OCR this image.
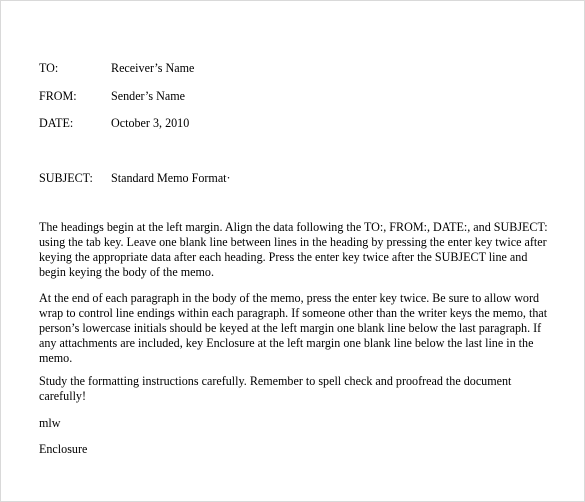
TO:	Receiver’s Name
FROM:	Sender’s Name
DATE:	October 3, 2010
SUBJECT: Standard Memo Format·
The headings begin at the left margin. Align the data following the TO:, FROM:, DATE:, and SUBJECT:
using the tab key. Leave one blank line between lines in the heading by pressing the enter key twice after
keying the appropriate data after each heading. Press the enter key twice after the SUBJECT line and
begin keying the body of the memo.
At the end of each paragraph in the body of the memo, press the enter key twice. Be sure to allow word
wrap to control line endings within each paragraph. If someone other than the writer keys the memo, that
person’s lowercase initials should be keyed at the left margin one blank line below the last paragraph. If
any attachments are included, key Enclosure at the left margin one blank line below the last line in the
memo.
Study the formatting instructions carefully. Remember to spell check and proofread the document
carefully!
mlw
Enclosure
